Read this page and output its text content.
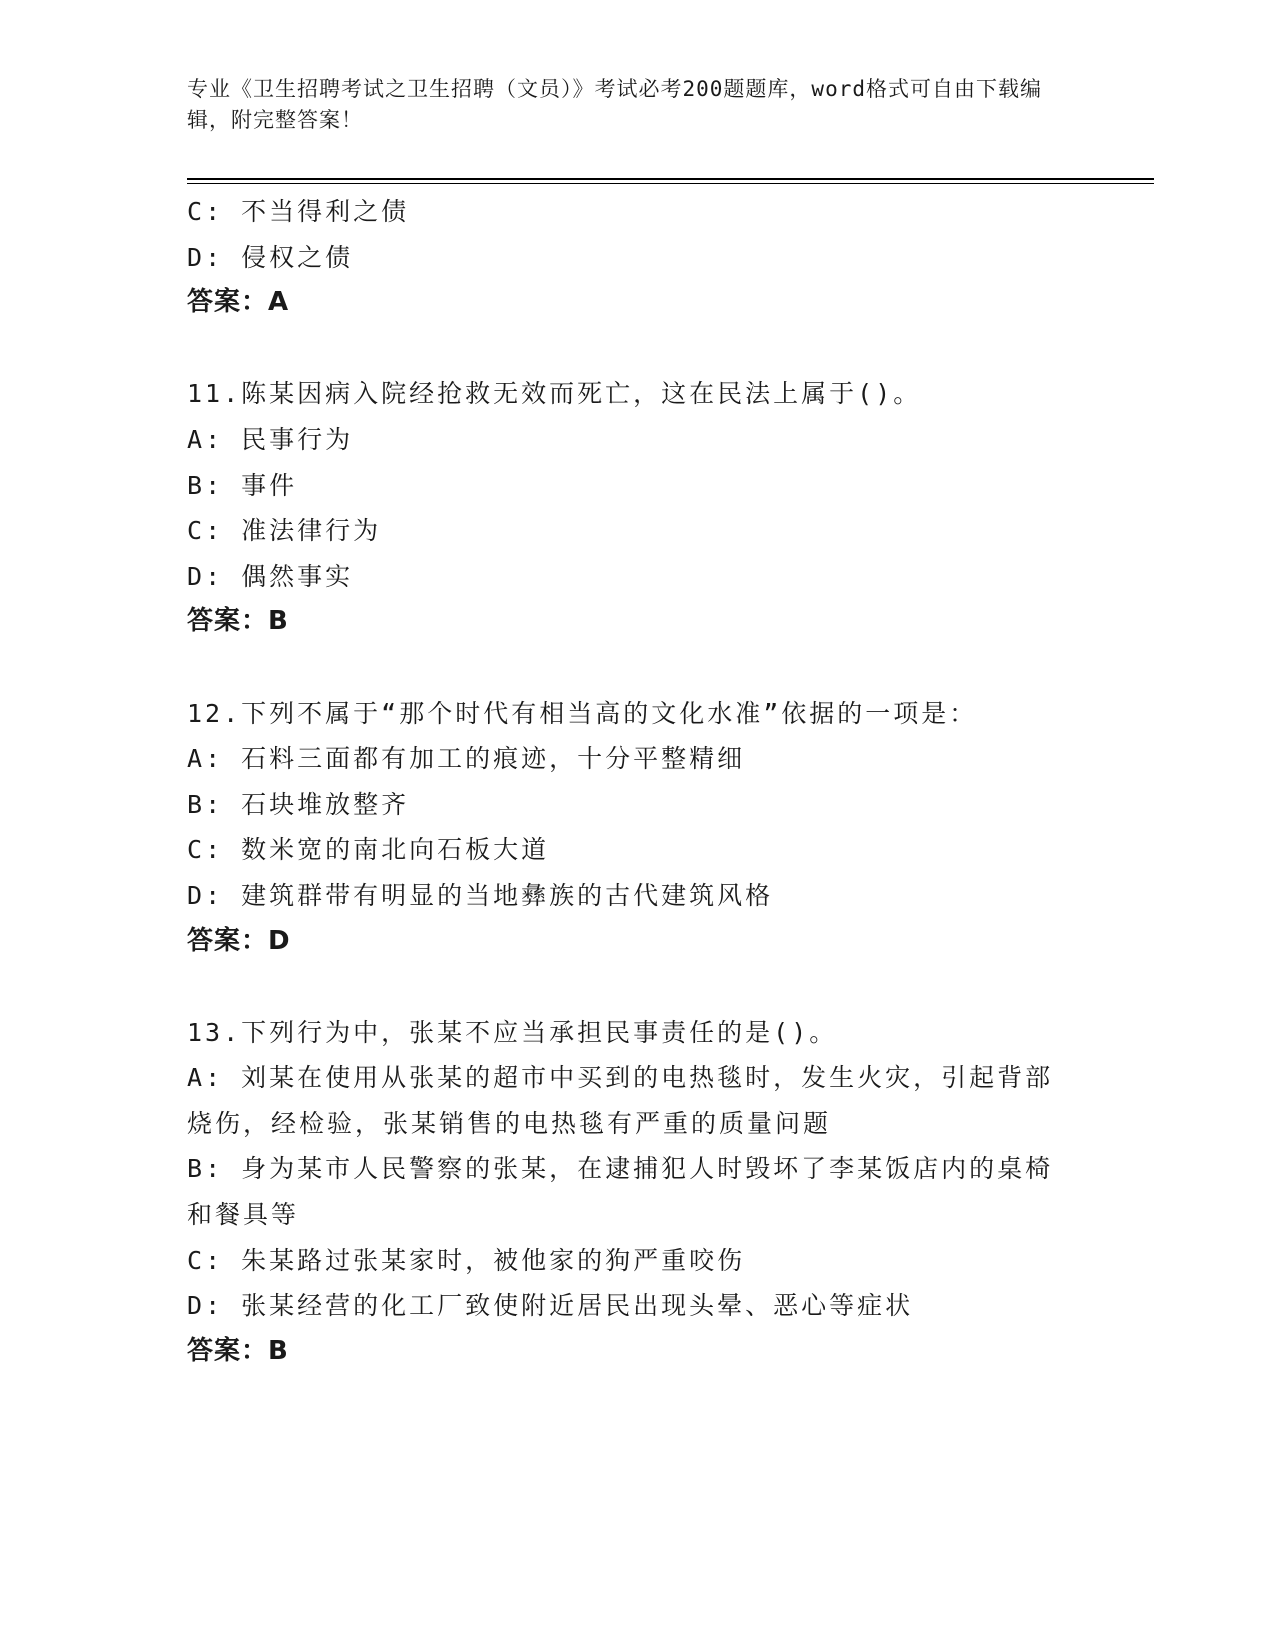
专业《卫生招聘考试之卫生招聘（文员）》考试必考200题题库，word格式可自由下载编辑，附完整答案！
C: 不当得利之债
D: 侵权之债
答案：A
11.陈某因病入院经抢救无效而死亡，这在民法上属于()。
A: 民事行为
B: 事件
C: 准法律行为
D: 偶然事实
答案：B
12.下列不属于“那个时代有相当高的文化水准”依据的一项是：
A: 石料三面都有加工的痕迹，十分平整精细
B: 石块堆放整齐
C: 数米宽的南北向石板大道
D: 建筑群带有明显的当地彝族的古代建筑风格
答案：D
13.下列行为中，张某不应当承担民事责任的是()。
A: 刘某在使用从张某的超市中买到的电热毯时，发生火灾，引起背部烧伤，经检验，张某销售的电热毯有严重的质量问题
B: 身为某市人民警察的张某，在逮捕犯人时毁坏了李某饭店内的桌椅和餐具等
C: 朱某路过张某家时，被他家的狗严重咬伤
D: 张某经营的化工厂致使附近居民出现头晕、恶心等症状
答案：B
